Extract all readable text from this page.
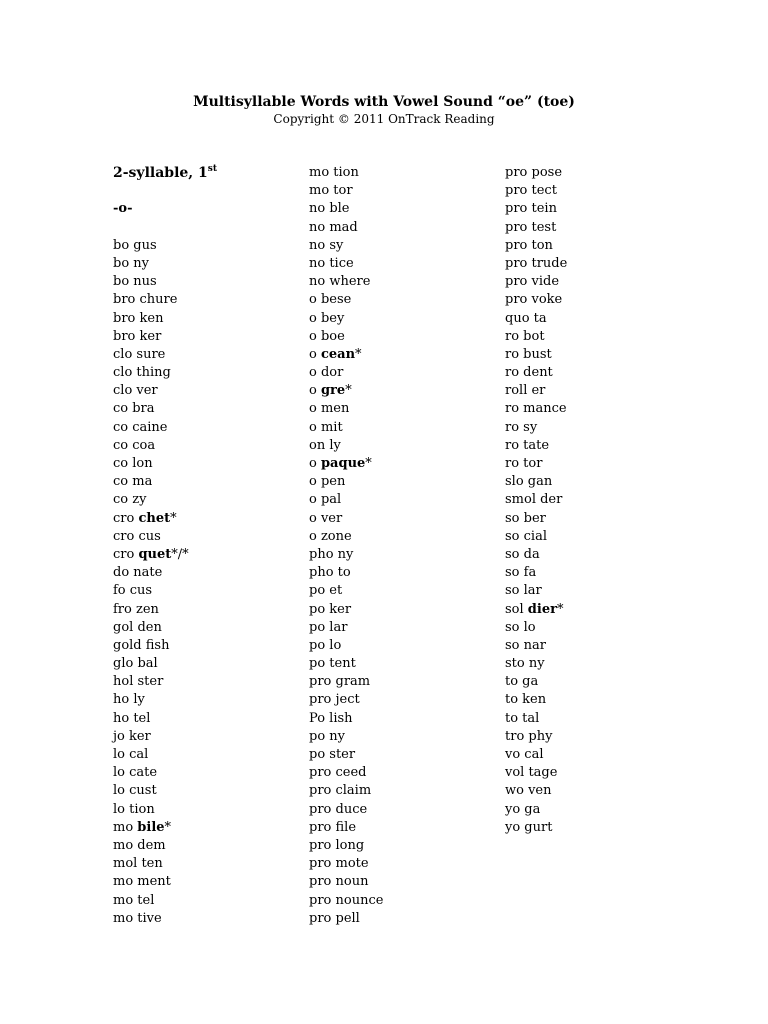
Multisyllable Words with Vowel Sound “oe” (toe)
Copyright © 2011 OnTrack Reading
2-syllable, 1st
-o-
bo gus
bo ny
bo nus
bro chure
bro ken
bro ker
clo sure
clo thing
clo ver
co bra
co caine
co coa
co lon
co ma
co zy
cro chet*
cro cus
cro quet*/*
do nate
fo cus
fro zen
gol den
gold fish
glo bal
hol ster
ho ly
ho tel
jo ker
lo cal
lo cate
lo cust
lo tion
mo bile*
mo dem
mol ten
mo ment
mo tel
mo tive
mo tion
mo tor
no ble
no mad
no sy
no tice
no where
o bese
o bey
o boe
o cean*
o dor
o gre*
o men
o mit
on ly
o paque*
o pen
o pal
o ver
o zone
pho ny
pho to
po et
po ker
po lar
po lo
po tent
pro gram
pro ject
Po lish
po ny
po ster
pro ceed
pro claim
pro duce
pro file
pro long
pro mote
pro noun
pro nounce
pro pell
pro pose
pro tect
pro tein
pro test
pro ton
pro trude
pro vide
pro voke
quo ta
ro bot
ro bust
ro dent
roll er
ro mance
ro sy
ro tate
ro tor
slo gan
smol der
so ber
so cial
so da
so fa
so lar
sol dier*
so lo
so nar
sto ny
to ga
to ken
to tal
tro phy
vo cal
vol tage
wo ven
yo ga
yo gurt
